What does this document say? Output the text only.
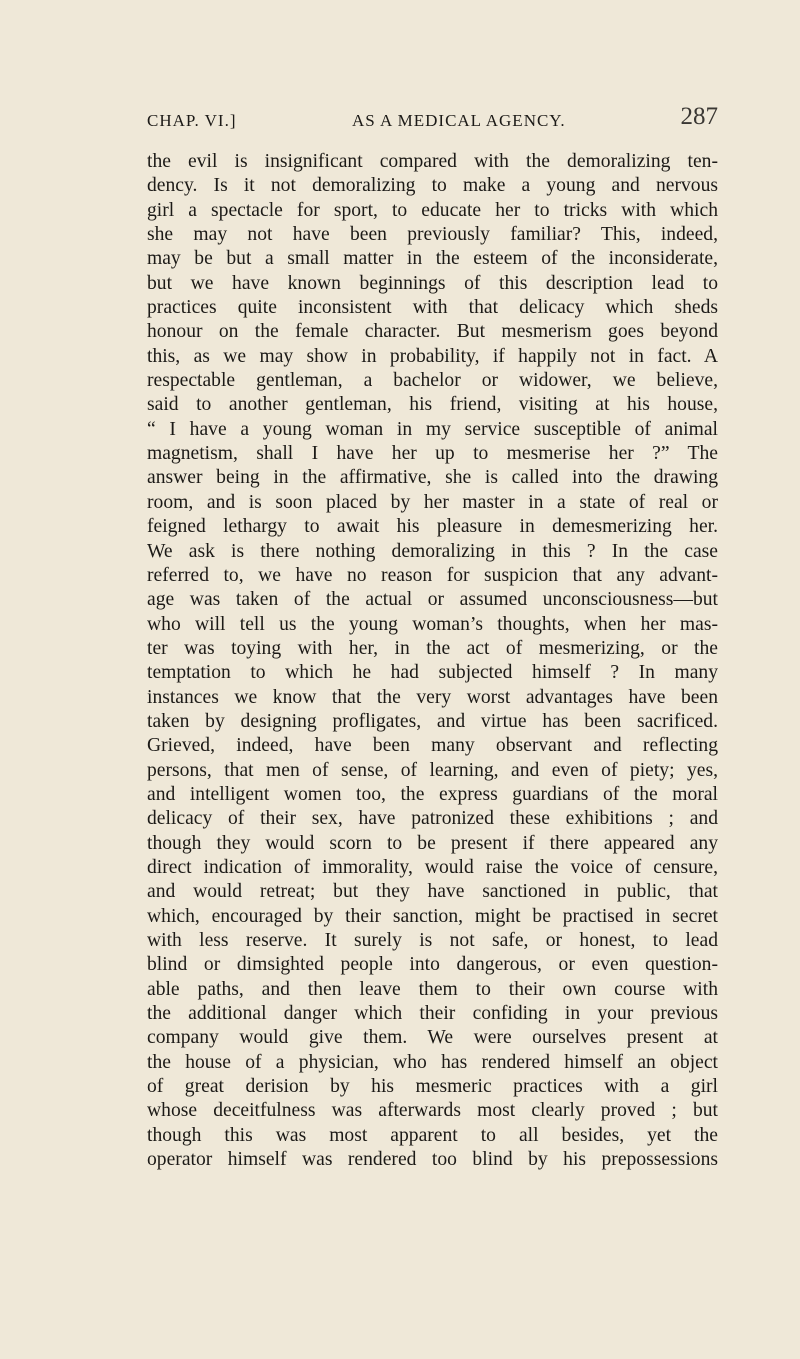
CHAP. VI.]	AS A MEDICAL AGENCY.	287
the evil is insignificant compared with the demoralizing ten-
dency. Is it not demoralizing to make a young and nervous
girl a spectacle for sport, to educate her to tricks with which
she may not have been previously familiar? This, indeed,
may be but a small matter in the esteem of the inconsiderate,
but we have known beginnings of this description lead to
practices quite inconsistent with that delicacy which sheds
honour on the female character. But mesmerism goes beyond
this, as we may show in probability, if happily not in fact. A
respectable gentleman, a bachelor or widower, we believe,
said to another gentleman, his friend, visiting at his house,
“ I have a young woman in my service susceptible of animal
magnetism, shall I have her up to mesmerise her ?” The
answer being in the affirmative, she is called into the drawing
room, and is soon placed by her master in a state of real or
feigned lethargy to await his pleasure in demesmerizing her.
We ask is there nothing demoralizing in this ? In the case
referred to, we have no reason for suspicion that any advant-
age was taken of the actual or assumed unconsciousness—but
who will tell us the young woman’s thoughts, when her mas-
ter was toying with her, in the act of mesmerizing, or the
temptation to which he had subjected himself ? In many
instances we know that the very worst advantages have been
taken by designing profligates, and virtue has been sacrificed.
Grieved, indeed, have been many observant and reflecting
persons, that men of sense, of learning, and even of piety; yes,
and intelligent women too, the express guardians of the moral
delicacy of their sex, have patronized these exhibitions ; and
though they would scorn to be present if there appeared any
direct indication of immorality, would raise the voice of censure,
and would retreat; but they have sanctioned in public, that
which, encouraged by their sanction, might be practised in secret
with less reserve. It surely is not safe, or honest, to lead
blind or dimsighted people into dangerous, or even question-
able paths, and then leave them to their own course with
the additional danger which their confiding in your previous
company would give them. We were ourselves present at
the house of a physician, who has rendered himself an object
of great derision by his mesmeric practices with a girl
whose deceitfulness was afterwards most clearly proved ; but
though this was most apparent to all besides, yet the
operator himself was rendered too blind by his prepossessions
